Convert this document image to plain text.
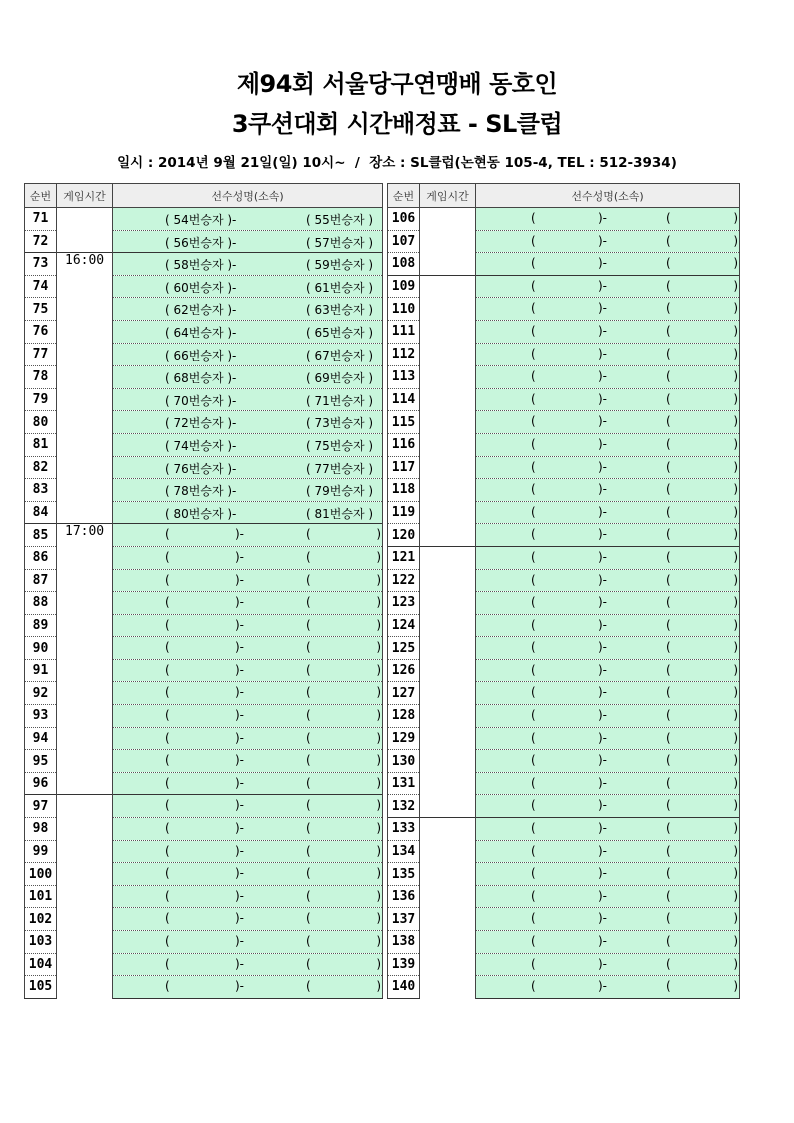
제94회 서울당구연맹배 동호인
3쿠션대회 시간배정표 - SL클럽
일시 : 2014년 9월 21일(일) 10시~  /  장소 : SL클럽(논현동 105-4, TEL : 512-3934)
순번	게임시간	선수성명(소속)
71		( 54번승자 )- ( 55번승자 )

72		( 56번승자 )- ( 57번승자 )

73	16:00	( 58번승자 )- ( 59번승자 )

74		( 60번승자 )- ( 61번승자 )

75		( 62번승자 )- ( 63번승자 )

76		( 64번승자 )- ( 65번승자 )

77		( 66번승자 )- ( 67번승자 )

78		( 68번승자 )- ( 69번승자 )

79		( 70번승자 )- ( 71번승자 )

80		( 72번승자 )- ( 73번승자 )

81		( 74번승자 )- ( 75번승자 )

82		( 76번승자 )- ( 77번승자 )

83		( 78번승자 )- ( 79번승자 )

84		( 80번승자 )- ( 81번승자 )

85	17:00	( )- ( )

86		( )- ( )

87		( )- ( )

88		( )- ( )

89		( )- ( )

90		( )- ( )

91		( )- ( )

92		( )- ( )

93		( )- ( )

94		( )- ( )

95		( )- ( )

96		( )- ( )

97		( )- ( )

98		( )- ( )

99		( )- ( )

100		( )- ( )

101		( )- ( )

102		( )- ( )

103		( )- ( )

104		( )- ( )

105		( )- ( )
순번	게임시간	선수성명(소속)
106		( )- ( )

107		( )- ( )

108		( )- ( )

109		( )- ( )

110		( )- ( )

111		( )- ( )

112		( )- ( )

113		( )- ( )

114		( )- ( )

115		( )- ( )

116		( )- ( )

117		( )- ( )

118		( )- ( )

119		( )- ( )

120		( )- ( )

121		( )- ( )

122		( )- ( )

123		( )- ( )

124		( )- ( )

125		( )- ( )

126		( )- ( )

127		( )- ( )

128		( )- ( )

129		( )- ( )

130		( )- ( )

131		( )- ( )

132		( )- ( )

133		( )- ( )

134		( )- ( )

135		( )- ( )

136		( )- ( )

137		( )- ( )

138		( )- ( )

139		( )- ( )

140		( )- ( )
